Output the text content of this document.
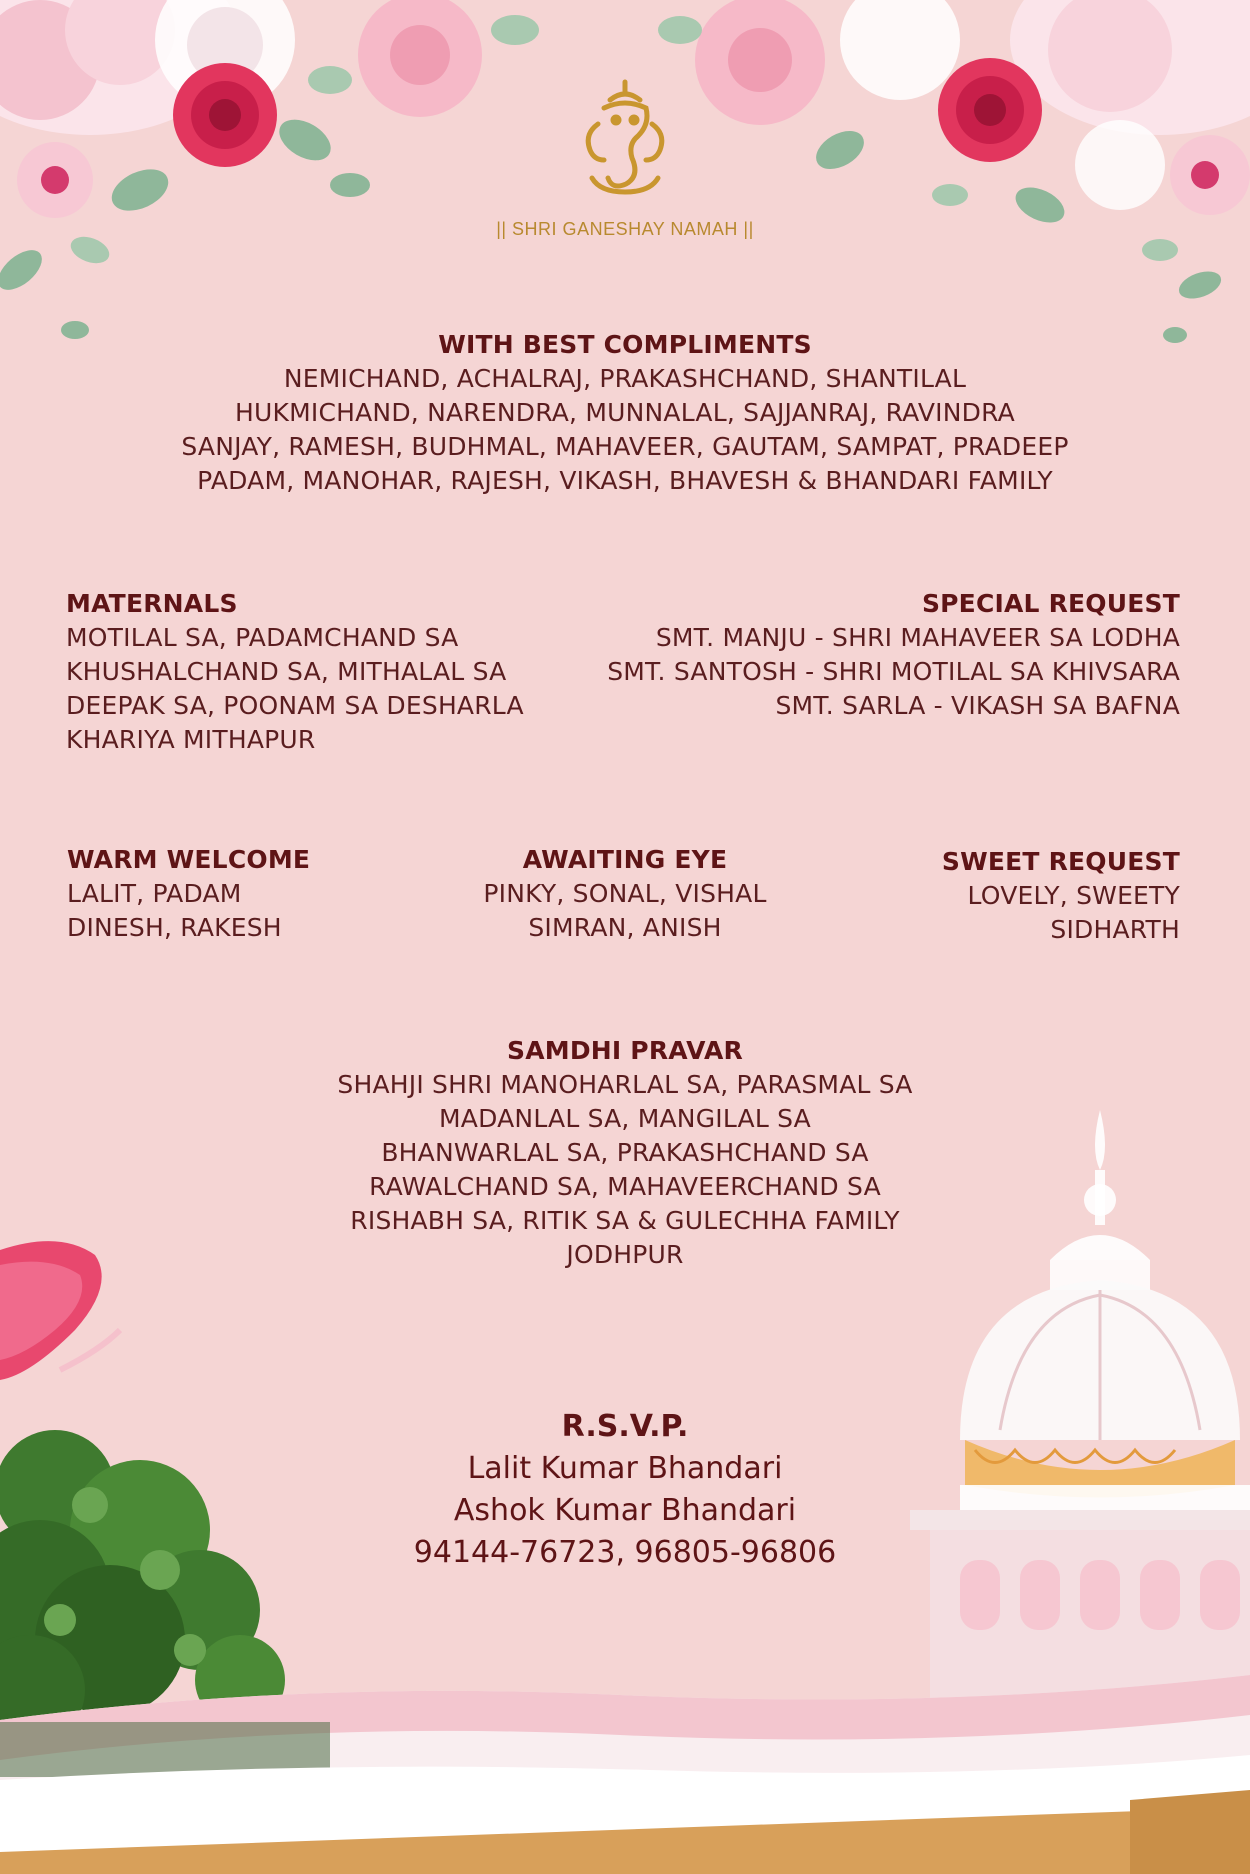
|| SHRI GANESHAY NAMAH ||

WITH BEST COMPLIMENTS

NEMICHAND, ACHALRAJ, PRAKASHCHAND, SHANTILAL

HUKMICHAND, NARENDRA, MUNNALAL, SAJJANRAJ, RAVINDRA

SANJAY, RAMESH, BUDHMAL, MAHAVEER, GAUTAM, SAMPAT, PRADEEP

PADAM, MANOHAR, RAJESH, VIKASH, BHAVESH & BHANDARI FAMILY

MATERNALS

MOTILAL SA, PADAMCHAND SA

KHUSHALCHAND SA, MITHALAL SA

DEEPAK SA, POONAM SA DESHARLA

KHARIYA MITHAPUR

SPECIAL REQUEST

SMT. MANJU - SHRI MAHAVEER SA LODHA

SMT. SANTOSH - SHRI MOTILAL SA KHIVSARA

SMT. SARLA - VIKASH SA BAFNA

WARM WELCOME

LALIT, PADAM

DINESH, RAKESH

AWAITING EYE

PINKY, SONAL, VISHAL

SIMRAN, ANISH

SWEET REQUEST

LOVELY, SWEETY

SIDHARTH

SAMDHI PRAVAR

SHAHJI SHRI MANOHARLAL SA, PARASMAL SA

MADANLAL SA, MANGILAL SA

BHANWARLAL SA, PRAKASHCHAND SA

RAWALCHAND SA, MAHAVEERCHAND SA

RISHABH SA, RITIK SA & GULECHHA FAMILY

JODHPUR

R.S.V.P.
Lalit Kumar Bhandari
Ashok Kumar Bhandari
94144-76723, 96805-96806
